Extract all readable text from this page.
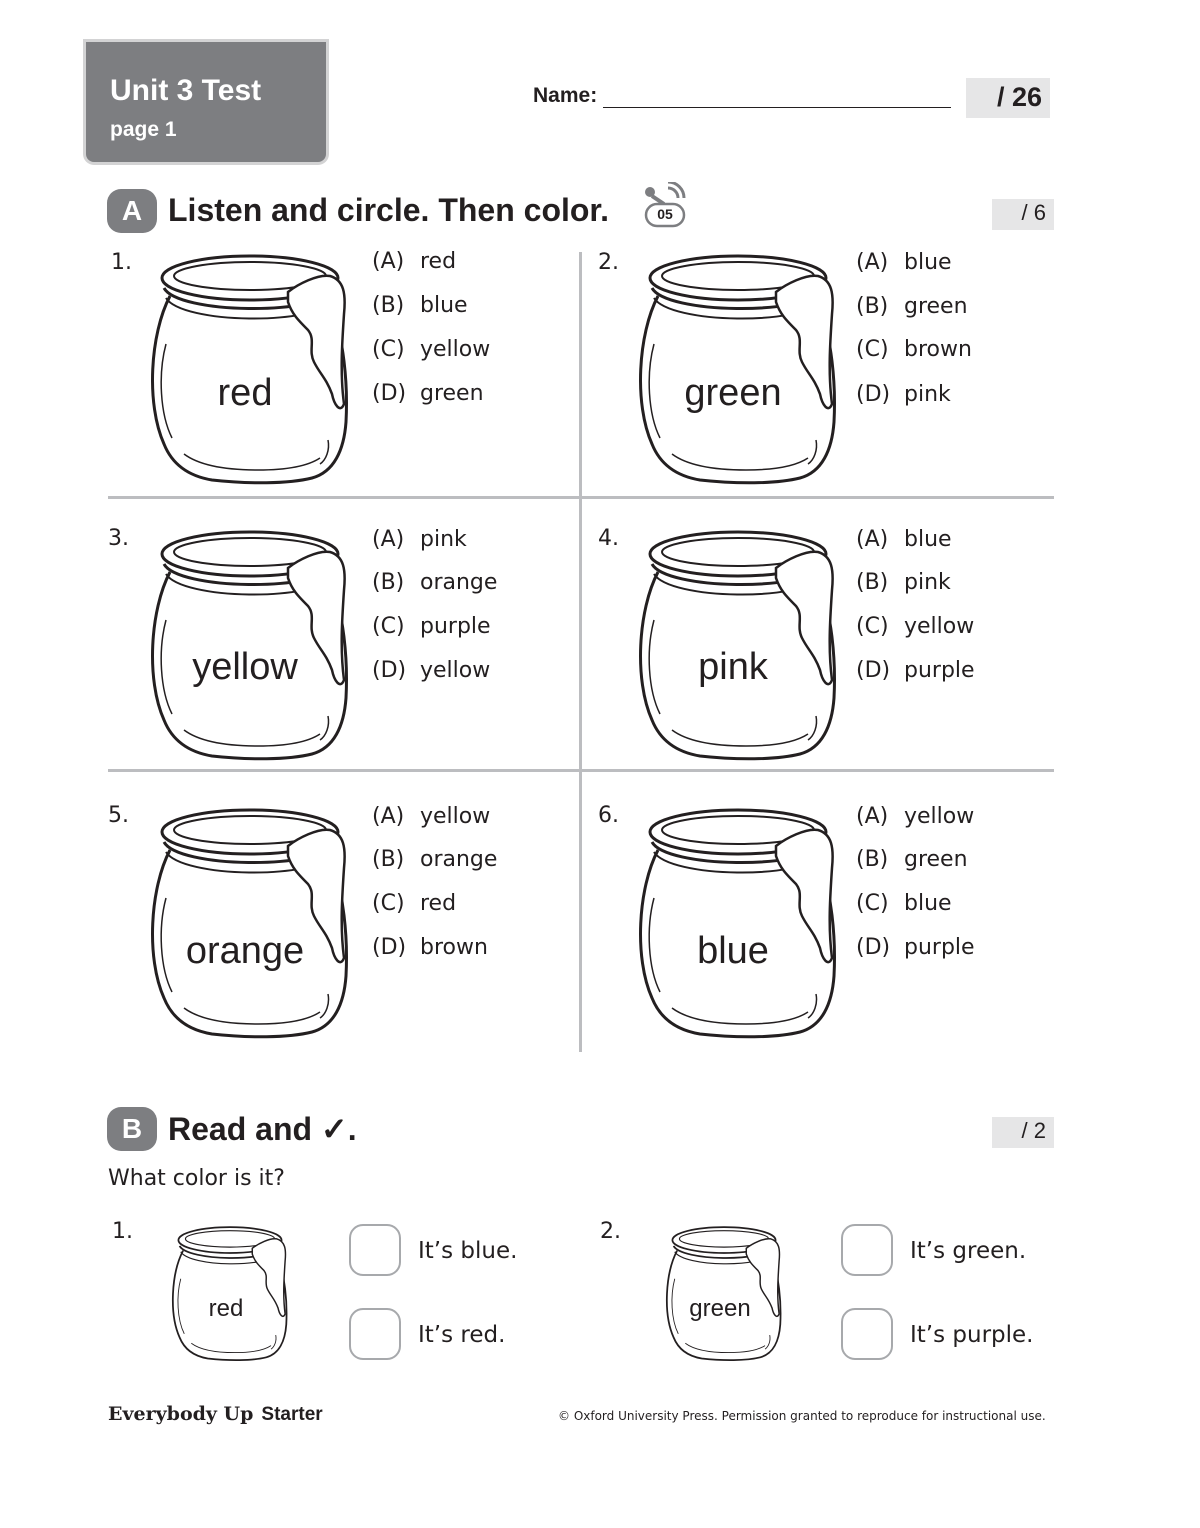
Unit 3 Test
page 1
Name:	/ 26
A Listen and circle. Then color.	05	/ 6
1.
red
(A) red
(B) blue
(C) yellow
(D) green
2.
green
(A) blue
(B) green
(C) brown
(D) pink
3.
yellow
(A) pink
(B) orange
(C) purple
(D) yellow
4.
pink
(A) blue
(B) pink
(C) yellow
(D) purple
5.
orange
(A) yellow
(B) orange
(C) red
(D) brown
6.
blue
(A) yellow
(B) green
(C) blue
(D) purple
B Read and ✓.	/ 2
What color is it?
1.
red
It’s blue.
It’s red.
2.
green
It’s green.
It’s purple.
Everybody Up Starter	© Oxford University Press. Permission granted to reproduce for instructional use.
